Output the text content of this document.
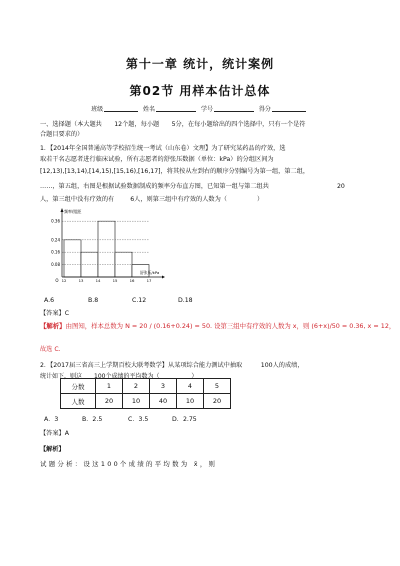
第十一章 统计，统计案例
第02节 用样本估计总体
班级	姓名	学号	得分
一、选择题（本大题共　　12个题，每小题　　5分，在每小题给出的四个选择中，只有一个是符
合题目要求的）
1．【2014年全国普通高等学校招生统一考试（山东卷）文理】为了研究某药品的疗效，选
取若干名志愿者进行临床试验，所有志愿者的舒张压数据（单位：kPa）的分组区间为
[12,13),[13,14),[14,15),[15,16),[16,17]，将其按从左到右的顺序分别编号为第一组，第二组，
……，第五组，右图是根据试验数据制成的频率分布直方图，已知第一组与第二组共	20
人，第三组中没有疗效的有	6人，则第三组中有疗效的人数为（	）
0.36
0.24
0.16
0.08
12	13	14	15	16	17
频率/组距
舒张压/kPa
O
A.6	B.8	C.12	D.18
【答案】C
【解析】由图知，样本总数为 N = 20 / (0.16+0.24) = 50. 设第三组中有疗效的人数为 x，则 (6+x)/50 = 0.36, x = 12，
故选 C.
2．【2017届三省高三上学期百校大联考数学】从某项综合能力测试中抽取　　　100人的成绩，
统计如下，则这　　100个成绩的平均数为（	）
分数	1	2	3	4	5
人数	20	10	40	10	20
A．3	B．2.5	C．3.5	D．2.75
【答案】A
【解析】
试题分析：设这100个成绩的平均数为 x̄，则
